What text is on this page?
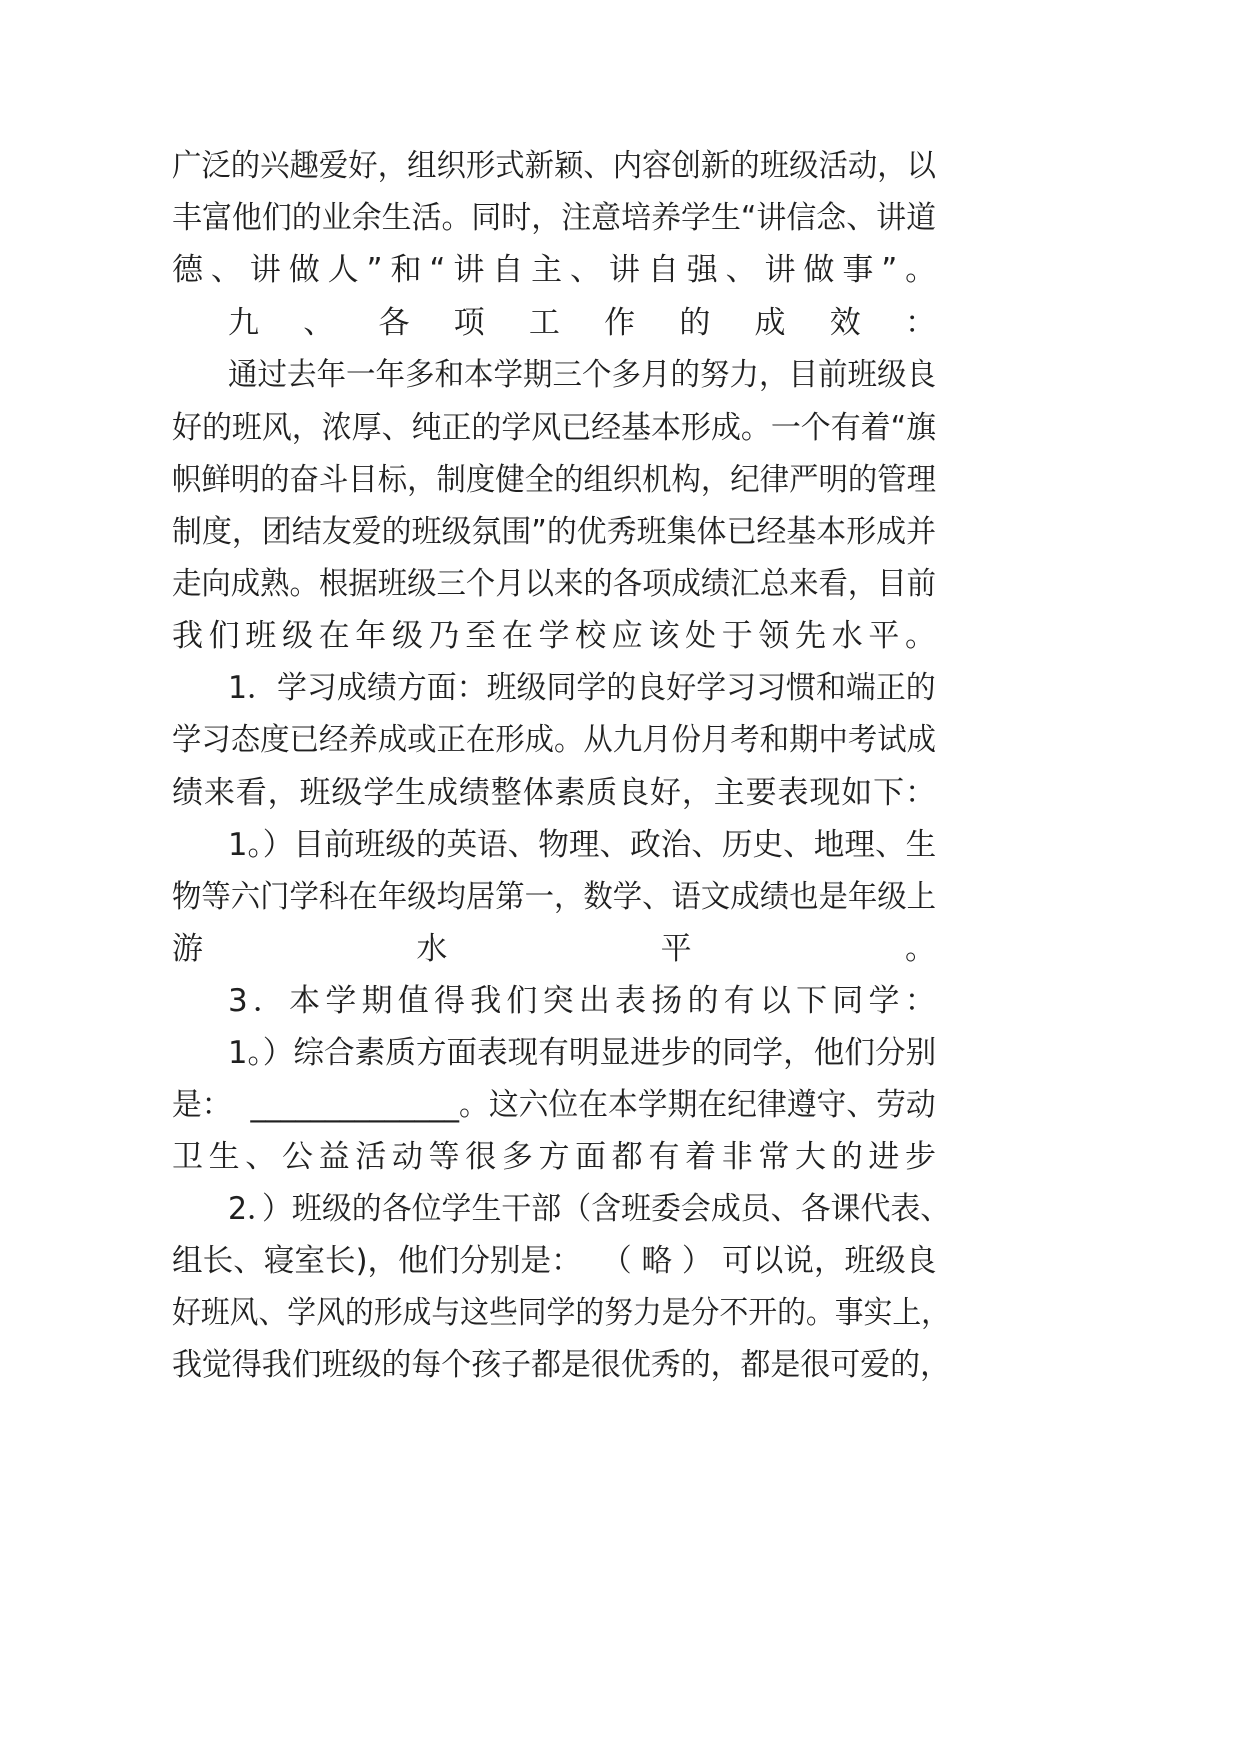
广泛的兴趣爱好，组织形式新颖、内容创新的班级活动，以
丰富他们的业余生活。同时，注意培养学生“讲信念、讲道
德、讲做人”和“讲自主、讲自强、讲做事”。
九、各项工作的成效：
通过去年一年多和本学期三个多月的努力，目前班级良
好的班风，浓厚、纯正的学风已经基本形成。一个有着“旗
帜鲜明的奋斗目标，制度健全的组织机构，纪律严明的管理
制度，团结友爱的班级氛围”的优秀班集体已经基本形成并
走向成熟。根据班级三个月以来的各项成绩汇总来看，目前
我们班级在年级乃至在学校应该处于领先水平。
1．学习成绩方面：班级同学的良好学习习惯和端正的
学习态度已经养成或正在形成。从九月份月考和期中考试成
绩来看，班级学生成绩整体素质良好，主要表现如下：
1。）目前班级的英语、物理、政治、历史、地理、生
物等六门学科在年级均居第一，数学、语文成绩也是年级上
游水平。
3．本学期值得我们突出表扬的有以下同学：
1。）综合素质方面表现有明显进步的同学，他们分别
是：  ______________。这六位在本学期在纪律遵守、劳动
卫生、公益活动等很多方面都有着非常大的进步
2．）班级的各位学生干部（含班委会成员、各课代表、
组长、寝室长)，他们分别是：  （ 略 ） 可以说，班级良
好班风、学风的形成与这些同学的努力是分不开的。事实上，
我觉得我们班级的每个孩子都是很优秀的，都是很可爱的，
